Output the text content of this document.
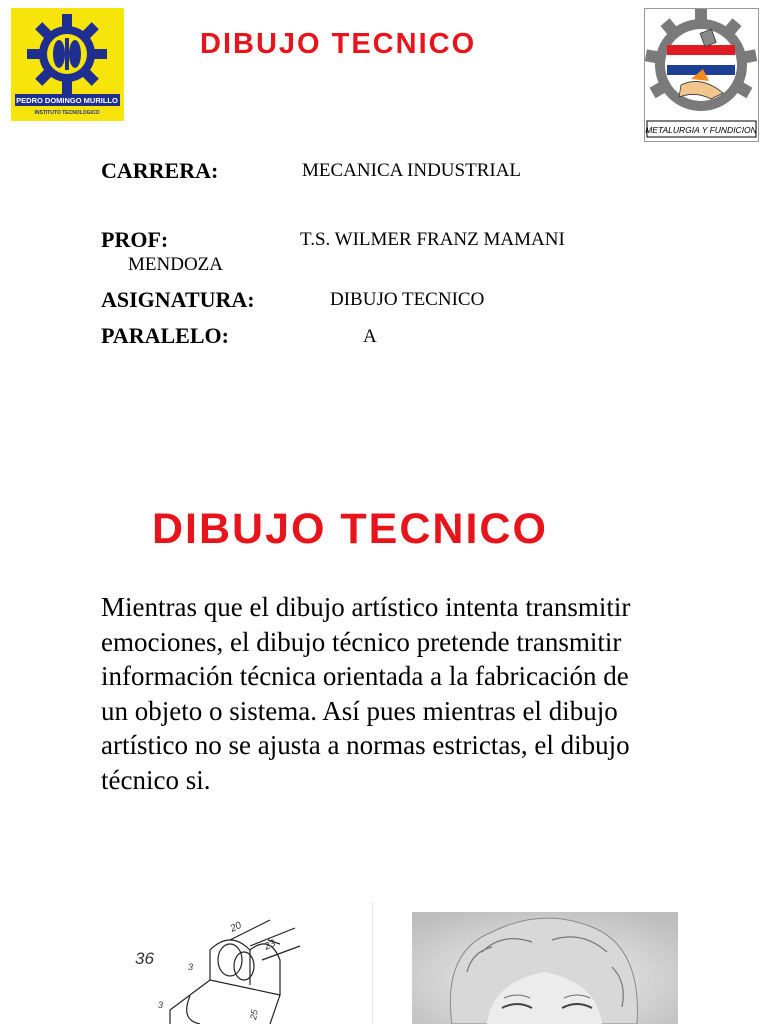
PEDRO DOMINGO MURILLO
INSTITUTO TECNOLOGICO
DIBUJO TECNICO
METALURGIA Y FUNDICION
CARRERA:	MECANICA INDUSTRIAL
PROF:	T.S. WILMER FRANZ MAMANI
MENDOZA
ASIGNATURA:	DIBUJO TECNICO
PARALELO:	A
DIBUJO TECNICO
Mientras que el dibujo artístico intenta transmitir emociones, el dibujo técnico pretende transmitir información técnica orientada a la fabricación de un objeto o sistema. Así pues mientras el dibujo artístico no se ajusta a normas estrictas, el dibujo técnico si.
36
20
23
3
3
25
